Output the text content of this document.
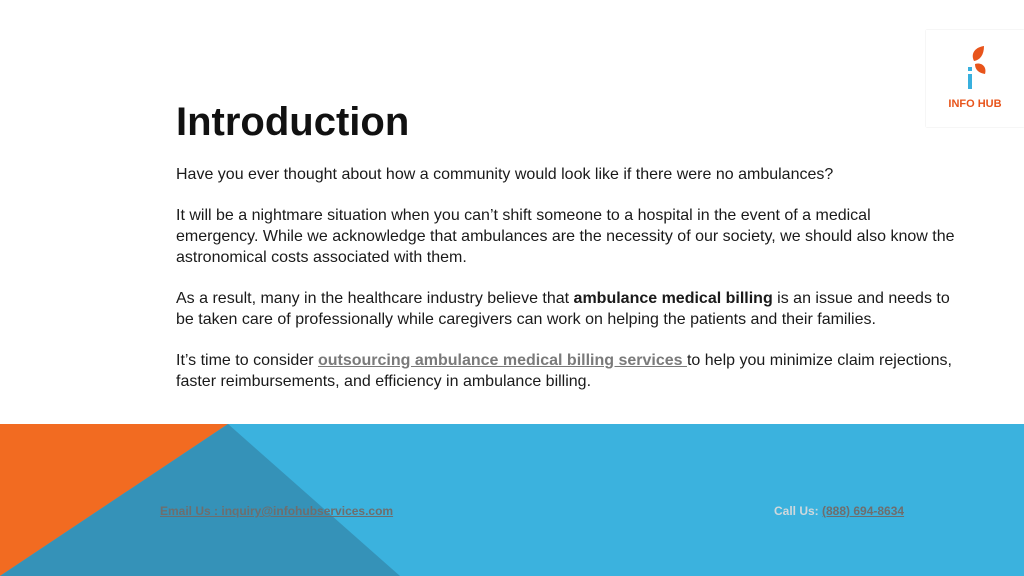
INFO HUB
Introduction

Have you ever thought about how a community would look like if there were no ambulances?

It will be a nightmare situation when you can’t shift someone to a hospital in the event of a medical emergency. While we acknowledge that ambulances are the necessity of our society, we should also know the astronomical costs associated with them.

As a result, many in the healthcare industry believe that ambulance medical billing is an issue and needs to be taken care of professionally while caregivers can work on helping the patients and their families.

It’s time to consider outsourcing ambulance medical billing services to help you minimize claim rejections, faster reimbursements, and efficiency in ambulance billing.

Email Us : inquiry@infohubservices.com	Call Us: (888) 694-8634
